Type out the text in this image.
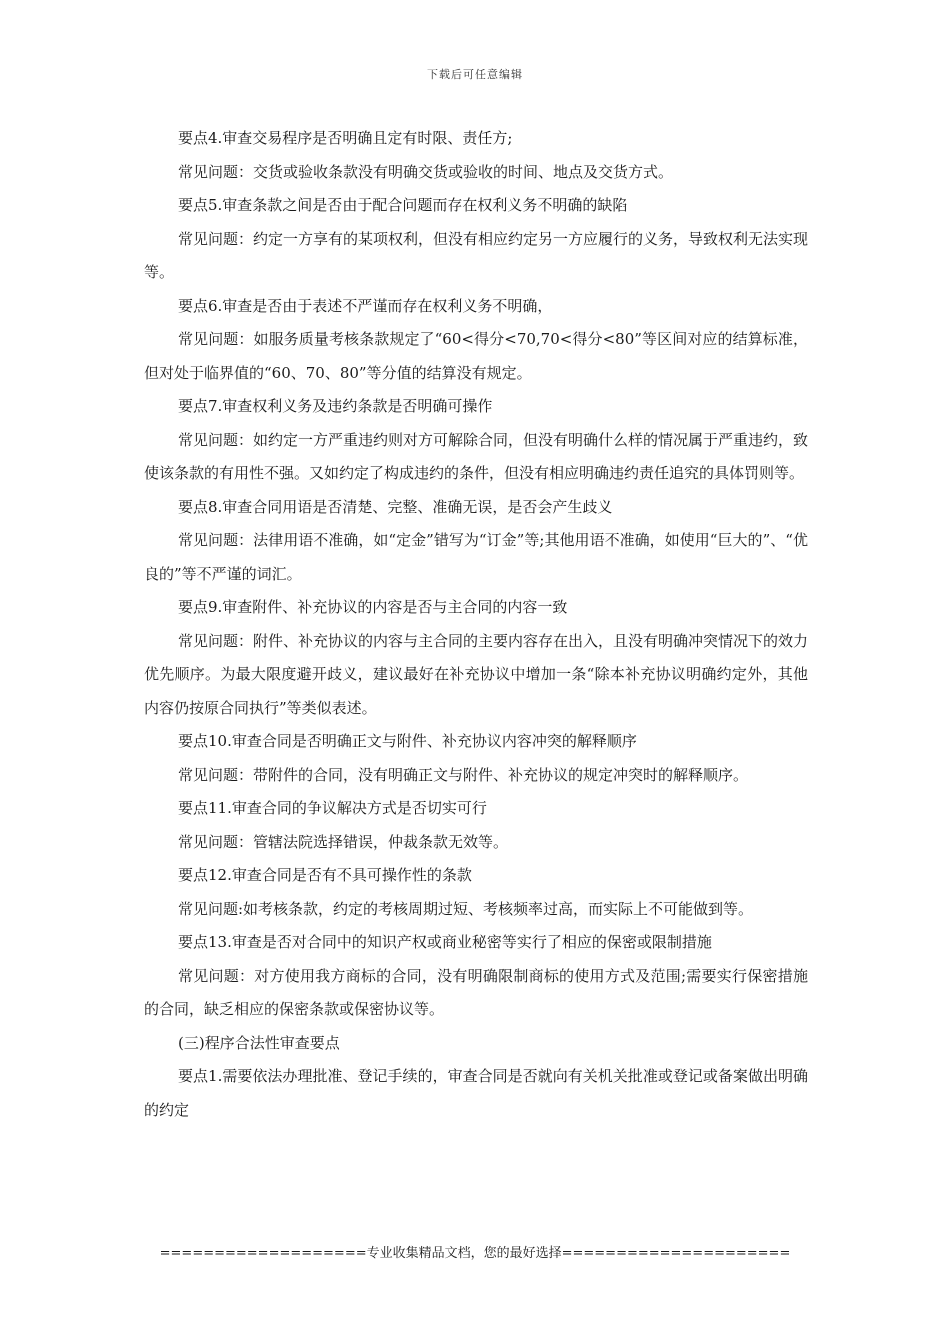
下载后可任意编辑

要点4.审查交易程序是否明确且定有时限、责任方;

常见问题：交货或验收条款没有明确交货或验收的时间、地点及交货方式。

要点5.审查条款之间是否由于配合问题而存在权利义务不明确的缺陷

常见问题：约定一方享有的某项权利，但没有相应约定另一方应履行的义务，导致权利无法实现等。

要点6.审查是否由于表述不严谨而存在权利义务不明确，

常见问题：如服务质量考核条款规定了“60<得分<70,70<得分<80”等区间对应的结算标准，但对处于临界值的“60、70、80”等分值的结算没有规定。

要点7.审查权利义务及违约条款是否明确可操作

常见问题：如约定一方严重违约则对方可解除合同，但没有明确什么样的情况属于严重违约，致使该条款的有用性不强。又如约定了构成违约的条件，但没有相应明确违约责任追究的具体罚则等。

要点8.审查合同用语是否清楚、完整、准确无误，是否会产生歧义

常见问题：法律用语不准确，如“定金”错写为“订金”等;其他用语不准确，如使用“巨大的”、“优良的”等不严谨的词汇。

要点9.审查附件、补充协议的内容是否与主合同的内容一致

常见问题：附件、补充协议的内容与主合同的主要内容存在出入，且没有明确冲突情况下的效力优先顺序。为最大限度避开歧义，建议最好在补充协议中增加一条“除本补充协议明确约定外，其他内容仍按原合同执行”等类似表述。

要点10.审查合同是否明确正文与附件、补充协议内容冲突的解释顺序

常见问题：带附件的合同，没有明确正文与附件、补充协议的规定冲突时的解释顺序。

要点11.审查合同的争议解决方式是否切实可行

常见问题：管辖法院选择错误，仲裁条款无效等。

要点12.审查合同是否有不具可操作性的条款

常见问题:如考核条款，约定的考核周期过短、考核频率过高，而实际上不可能做到等。

要点13.审查是否对合同中的知识产权或商业秘密等实行了相应的保密或限制措施

常见问题：对方使用我方商标的合同，没有明确限制商标的使用方式及范围;需要实行保密措施的合同，缺乏相应的保密条款或保密协议等。

(三)程序合法性审查要点

要点1.需要依法办理批准、登记手续的，审查合同是否就向有关机关批准或登记或备案做出明确的约定

===================专业收集精品文档，您的最好选择=====================
